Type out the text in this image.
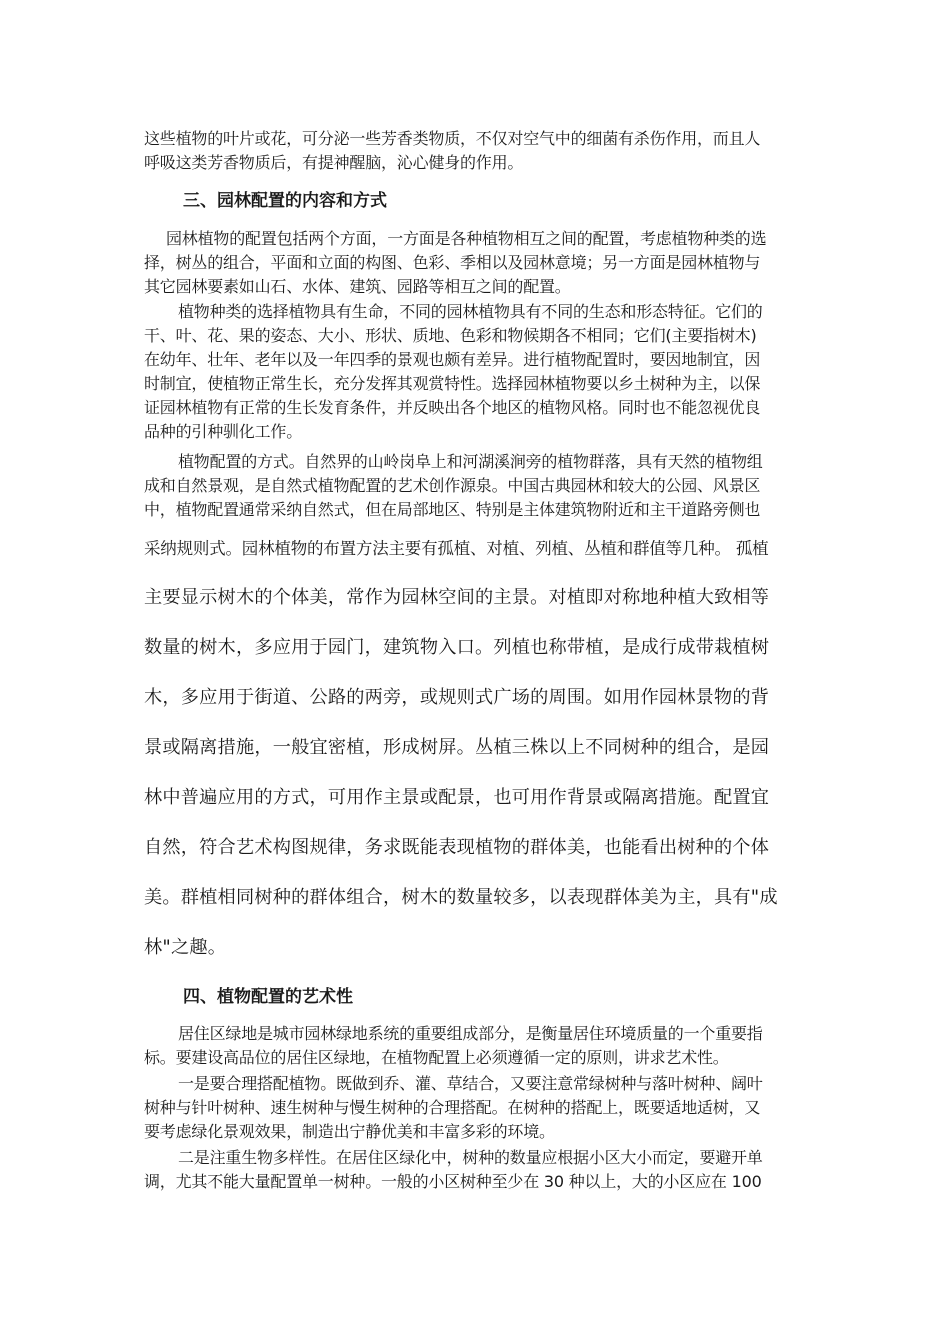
这些植物的叶片或花，可分泌一些芳香类物质，不仅对空气中的细菌有杀伤作用，而且人
呼吸这类芳香物质后，有提神醒脑，沁心健身的作用。
三、园林配置的内容和方式
园林植物的配置包括两个方面，一方面是各种植物相互之间的配置，考虑植物种类的选
择，树丛的组合，平面和立面的构图、色彩、季相以及园林意境；另一方面是园林植物与
其它园林要素如山石、水体、建筑、园路等相互之间的配置。
植物种类的选择植物具有生命，不同的园林植物具有不同的生态和形态特征。它们的
干、叶、花、果的姿态、大小、形状、质地、色彩和物候期各不相同；它们(主要指树木)
在幼年、壮年、老年以及一年四季的景观也颇有差异。进行植物配置时，要因地制宜，因
时制宜，使植物正常生长，充分发挥其观赏特性。选择园林植物要以乡土树种为主，以保
证园林植物有正常的生长发育条件，并反映出各个地区的植物风格。同时也不能忽视优良
品种的引种驯化工作。
植物配置的方式。自然界的山岭岗阜上和河湖溪涧旁的植物群落，具有天然的植物组
成和自然景观，是自然式植物配置的艺术创作源泉。中国古典园林和较大的公园、风景区
中，植物配置通常采纳自然式，但在局部地区、特别是主体建筑物附近和主干道路旁侧也
采纳规则式。园林植物的布置方法主要有孤植、对植、列植、丛植和群值等几种。 孤植
主要显示树木的个体美，常作为园林空间的主景。对植即对称地种植大致相等
数量的树木，多应用于园门，建筑物入口。列植也称带植，是成行成带栽植树
木，多应用于街道、公路的两旁，或规则式广场的周围。如用作园林景物的背
景或隔离措施，一般宜密植，形成树屏。丛植三株以上不同树种的组合，是园
林中普遍应用的方式，可用作主景或配景，也可用作背景或隔离措施。配置宜
自然，符合艺术构图规律，务求既能表现植物的群体美，也能看出树种的个体
美。群植相同树种的群体组合，树木的数量较多，以表现群体美为主，具有"成
林"之趣。
四、植物配置的艺术性
居住区绿地是城市园林绿地系统的重要组成部分，是衡量居住环境质量的一个重要指
标。要建设高品位的居住区绿地，在植物配置上必须遵循一定的原则，讲求艺术性。
一是要合理搭配植物。既做到乔、灌、草结合，又要注意常绿树种与落叶树种、阔叶
树种与针叶树种、速生树种与慢生树种的合理搭配。在树种的搭配上，既要适地适树，又
要考虑绿化景观效果，制造出宁静优美和丰富多彩的环境。
二是注重生物多样性。在居住区绿化中，树种的数量应根据小区大小而定，要避开单
调，尤其不能大量配置单一树种。一般的小区树种至少在 30 种以上，大的小区应在 100
